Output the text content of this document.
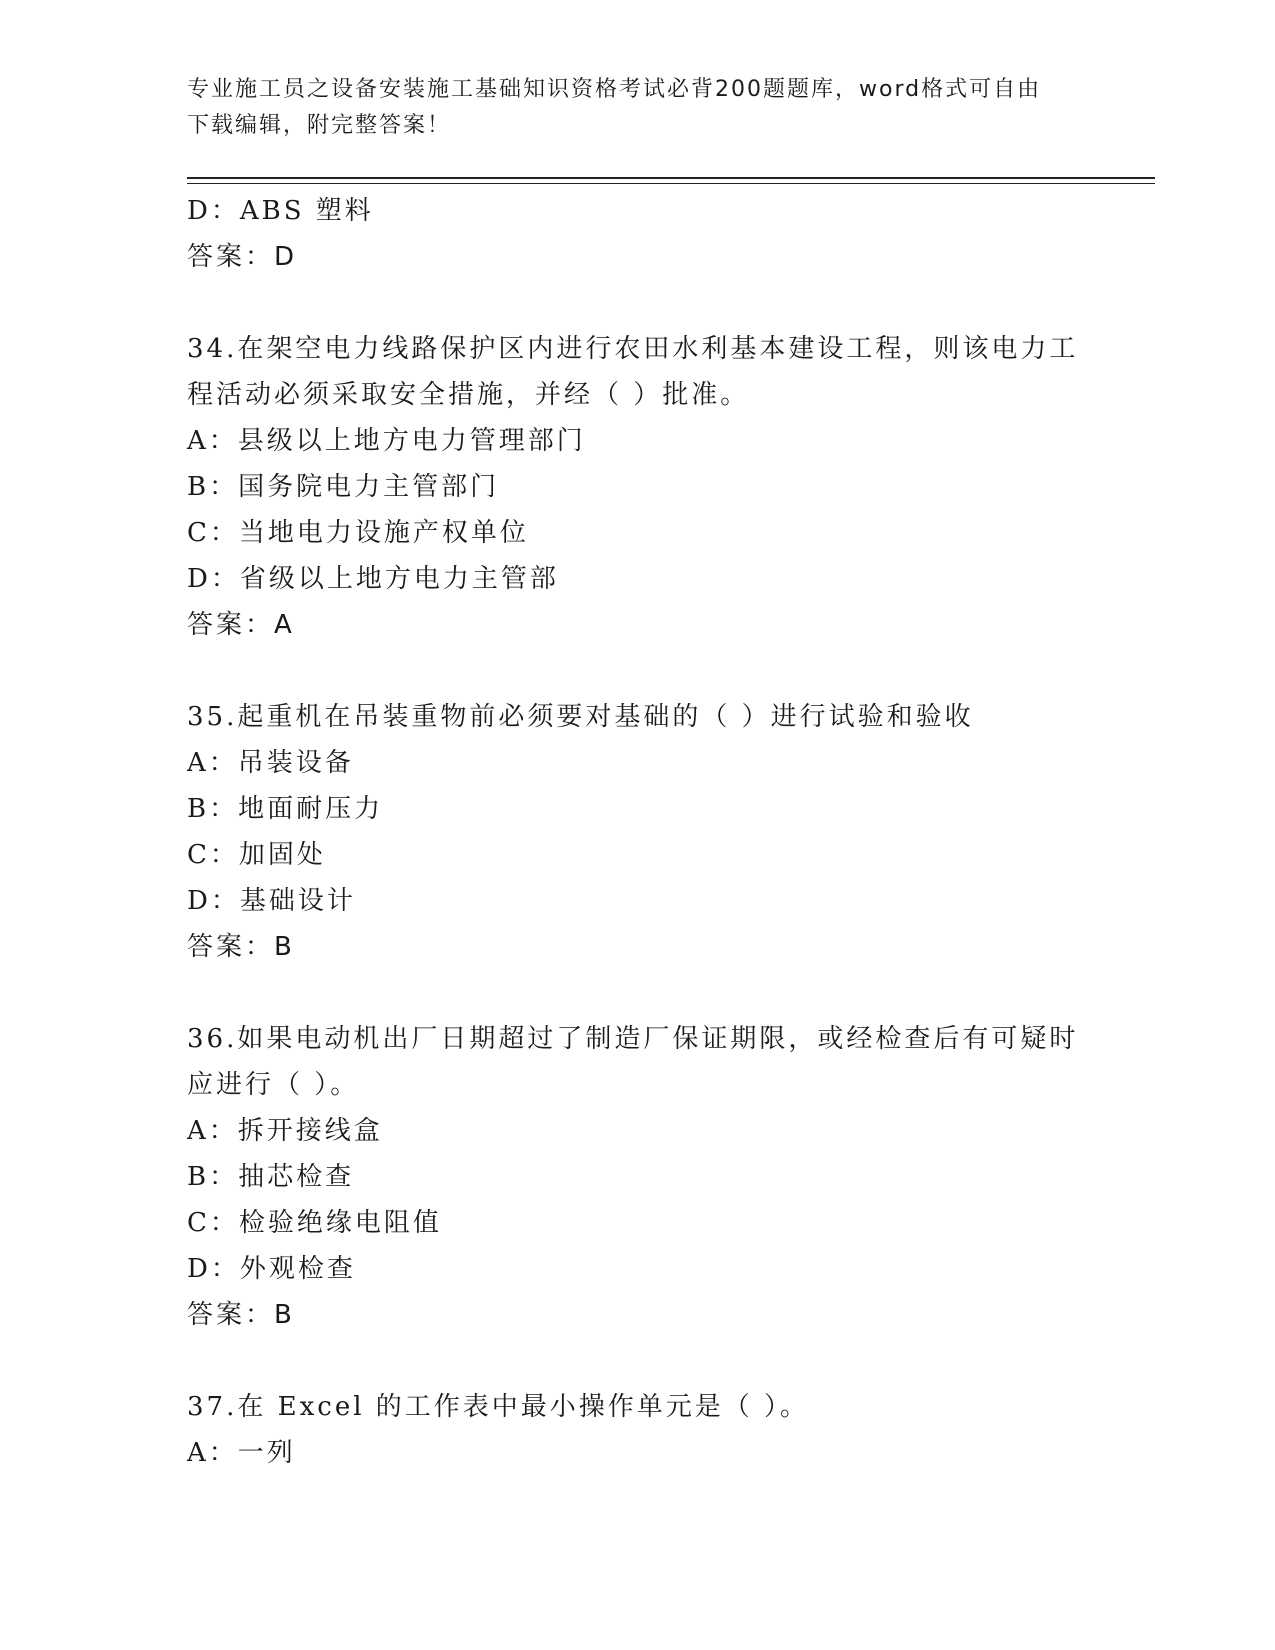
专业施工员之设备安装施工基础知识资格考试必背200题题库，word格式可自由
下载编辑，附完整答案！
D：ABS 塑料
答案：D
34.在架空电力线路保护区内进行农田水利基本建设工程，则该电力工
程活动必须采取安全措施，并经（ ）批准。
A：县级以上地方电力管理部门
B：国务院电力主管部门
C：当地电力设施产权单位
D：省级以上地方电力主管部
答案：A
35.起重机在吊装重物前必须要对基础的（ ）进行试验和验收
A：吊装设备
B：地面耐压力
C：加固处
D：基础设计
答案：B
36.如果电动机出厂日期超过了制造厂保证期限，或经检查后有可疑时
应进行（ ）。
A：拆开接线盒
B：抽芯检查
C：检验绝缘电阻值
D：外观检查
答案：B
37.在 Excel 的工作表中最小操作单元是（ ）。
A：一列
